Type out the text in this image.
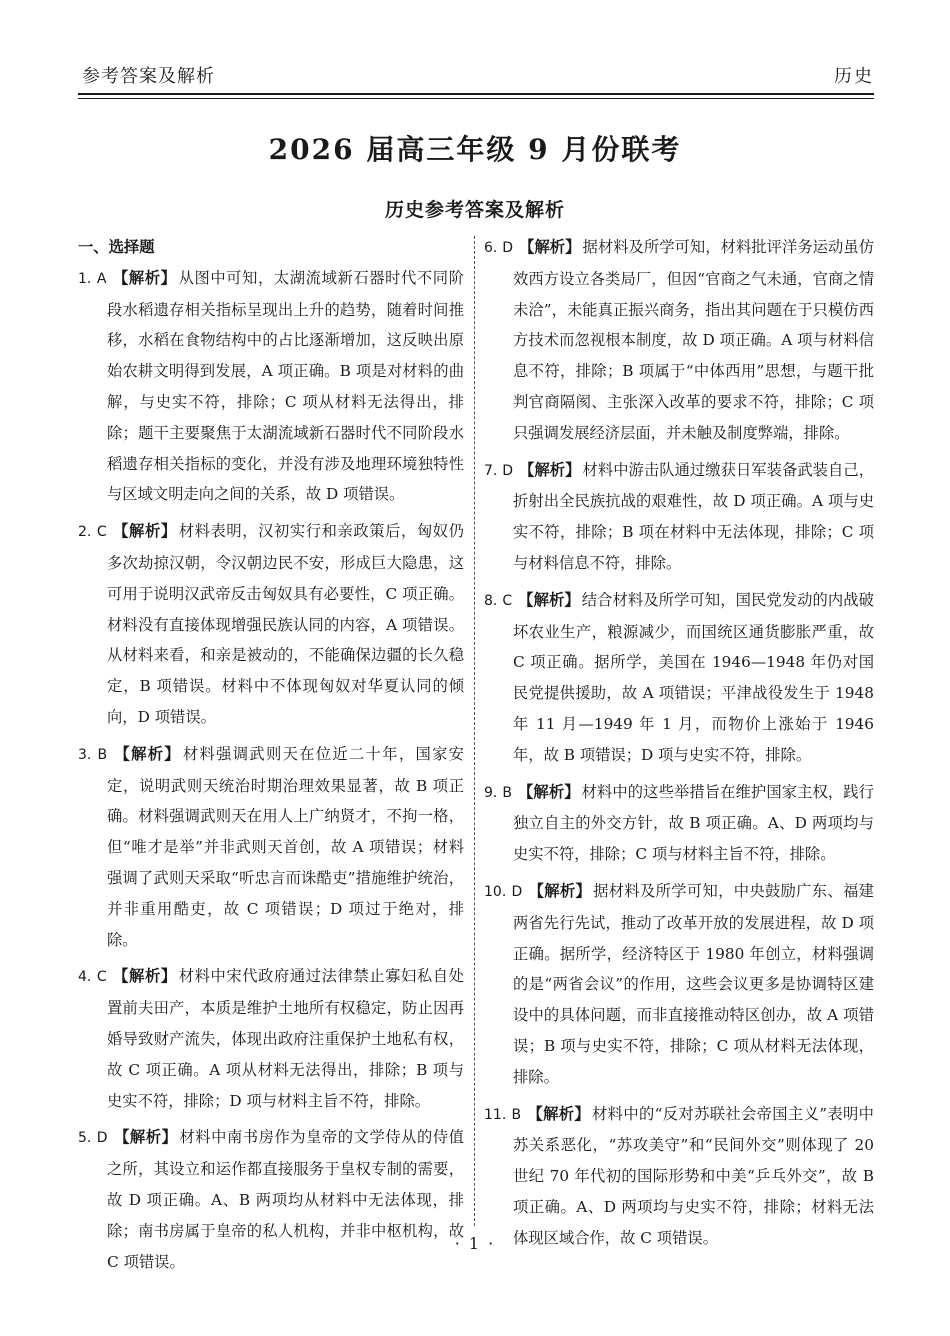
参考答案及解析	历史
2026 届高三年级 9 月份联考
历史参考答案及解析

一、选择题

1. A 【解析】 从图中可知，太湖流域新石器时代不同阶段水稻遗存相关指标呈现出上升的趋势，随着时间推移，水稻在食物结构中的占比逐渐增加，这反映出原始农耕文明得到发展，A 项正确。B 项是对材料的曲解，与史实不符，排除；C 项从材料无法得出，排除；题干主要聚焦于太湖流域新石器时代不同阶段水稻遗存相关指标的变化，并没有涉及地理环境独特性与区域文明走向之间的关系，故 D 项错误。

2. C 【解析】 材料表明，汉初实行和亲政策后，匈奴仍多次劫掠汉朝，令汉朝边民不安，形成巨大隐患，这可用于说明汉武帝反击匈奴具有必要性，C 项正确。材料没有直接体现增强民族认同的内容，A 项错误。从材料来看，和亲是被动的，不能确保边疆的长久稳定，B 项错误。材料中不体现匈奴对华夏认同的倾向，D 项错误。

3. B 【解析】 材料强调武则天在位近二十年，国家安定，说明武则天统治时期治理效果显著，故 B 项正确。材料强调武则天在用人上广纳贤才，不拘一格，但“唯才是举”并非武则天首创，故 A 项错误；材料强调了武则天采取“听忠言而诛酷吏”措施维护统治，并非重用酷吏，故 C 项错误；D 项过于绝对，排除。

4. C 【解析】 材料中宋代政府通过法律禁止寡妇私自处置前夫田产，本质是维护土地所有权稳定，防止因再婚导致财产流失，体现出政府注重保护土地私有权，故 C 项正确。A 项从材料无法得出，排除；B 项与史实不符，排除；D 项与材料主旨不符，排除。

5. D 【解析】 材料中南书房作为皇帝的文学侍从的侍值之所，其设立和运作都直接服务于皇权专制的需要，故 D 项正确。A、B 两项均从材料中无法体现，排除；南书房属于皇帝的私人机构，并非中枢机构，故 C 项错误。

6. D 【解析】 据材料及所学可知，材料批评洋务运动虽仿效西方设立各类局厂，但因“官商之气未通，官商之情未洽”，未能真正振兴商务，指出其问题在于只模仿西方技术而忽视根本制度，故 D 项正确。A 项与材料信息不符，排除；B 项属于“中体西用”思想，与题干批判官商隔阂、主张深入改革的要求不符，排除；C 项只强调发展经济层面，并未触及制度弊端，排除。

7. D 【解析】 材料中游击队通过缴获日军装备武装自己，折射出全民族抗战的艰难性，故 D 项正确。A 项与史实不符，排除；B 项在材料中无法体现，排除；C 项与材料信息不符，排除。

8. C 【解析】 结合材料及所学可知，国民党发动的内战破坏农业生产，粮源减少，而国统区通货膨胀严重，故 C 项正确。据所学，美国在 1946—1948 年仍对国民党提供援助，故 A 项错误；平津战役发生于 1948 年 11 月—1949 年 1 月，而物价上涨始于 1946 年，故 B 项错误；D 项与史实不符，排除。

9. B 【解析】 材料中的这些举措旨在维护国家主权，践行独立自主的外交方针，故 B 项正确。A、D 两项均与史实不符，排除；C 项与材料主旨不符，排除。

10. D 【解析】 据材料及所学可知，中央鼓励广东、福建两省先行先试，推动了改革开放的发展进程，故 D 项正确。据所学，经济特区于 1980 年创立，材料强调的是“两省会议”的作用，这些会议更多是协调特区建设中的具体问题，而非直接推动特区创办，故 A 项错误；B 项与史实不符，排除；C 项从材料无法体现，排除。

11. B 【解析】 材料中的“反对苏联社会帝国主义”表明中苏关系恶化，“苏攻美守”和“民间外交”则体现了 20 世纪 70 年代初的国际形势和中美“乒乓外交”，故 B 项正确。A、D 两项均与史实不符，排除；材料无法体现区域合作，故 C 项错误。

· 1 ·
